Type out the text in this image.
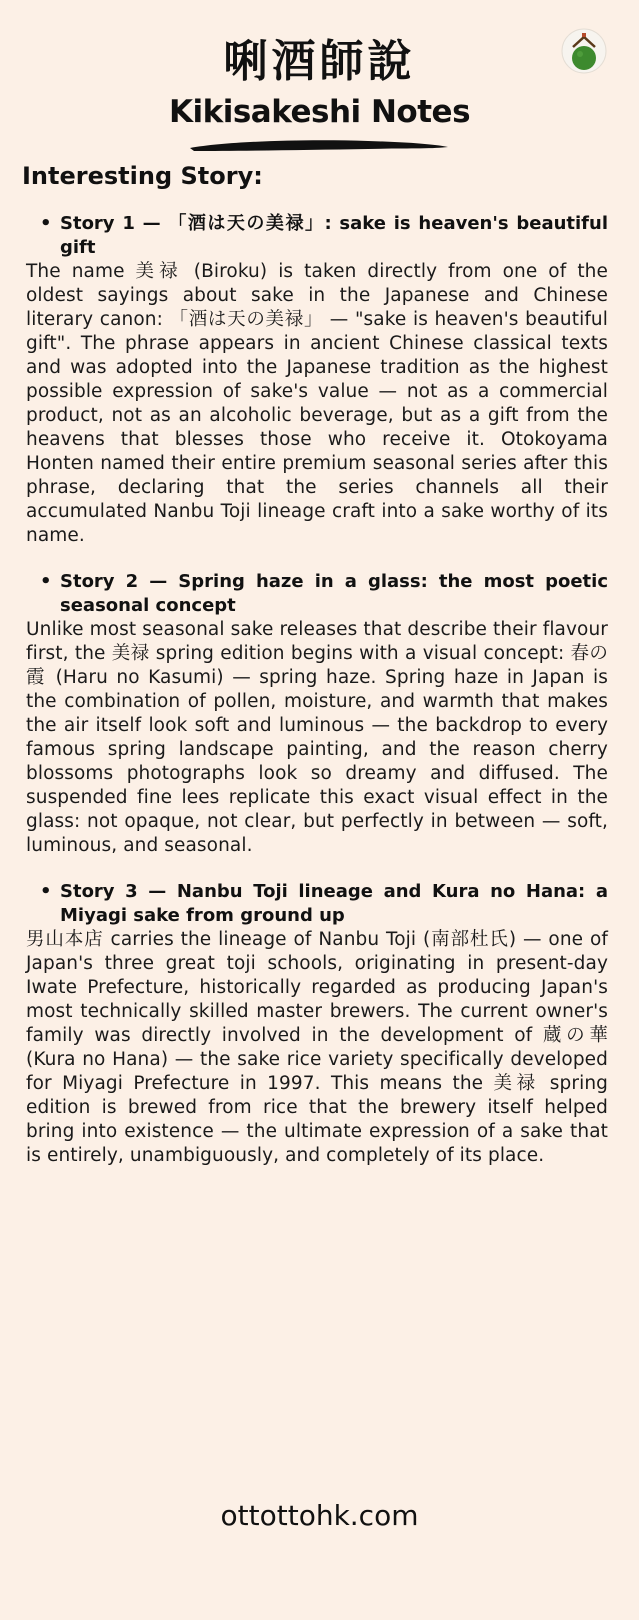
唎酒師說
Kikisakeshi Notes
Interesting Story:
• Story 1 — 「酒は天の美禄」: sake is heaven's beautiful gift
The name 美禄 (Biroku) is taken directly from one of the oldest sayings about sake in the Japanese and Chinese literary canon: 「酒は天の美禄」 — "sake is heaven's beautiful gift". The phrase appears in ancient Chinese classical texts and was adopted into the Japanese tradition as the highest possible expression of sake's value — not as a commercial product, not as an alcoholic beverage, but as a gift from the heavens that blesses those who receive it. Otokoyama Honten named their entire premium seasonal series after this phrase, declaring that the series channels all their accumulated Nanbu Toji lineage craft into a sake worthy of its name.
• Story 2 — Spring haze in a glass: the most poetic seasonal concept
Unlike most seasonal sake releases that describe their flavour first, the 美禄 spring edition begins with a visual concept: 春の霞 (Haru no Kasumi) — spring haze. Spring haze in Japan is the combination of pollen, moisture, and warmth that makes the air itself look soft and luminous — the backdrop to every famous spring landscape painting, and the reason cherry blossoms photographs look so dreamy and diffused. The suspended fine lees replicate this exact visual effect in the glass: not opaque, not clear, but perfectly in between — soft, luminous, and seasonal.
• Story 3 — Nanbu Toji lineage and Kura no Hana: a Miyagi sake from ground up
男山本店 carries the lineage of Nanbu Toji (南部杜氏) — one of Japan's three great toji schools, originating in present-day Iwate Prefecture, historically regarded as producing Japan's most technically skilled master brewers. The current owner's family was directly involved in the development of 蔵の華 (Kura no Hana) — the sake rice variety specifically developed for Miyagi Prefecture in 1997. This means the 美禄 spring edition is brewed from rice that the brewery itself helped bring into existence — the ultimate expression of a sake that is entirely, unambiguously, and completely of its place.
ottottohk.com
